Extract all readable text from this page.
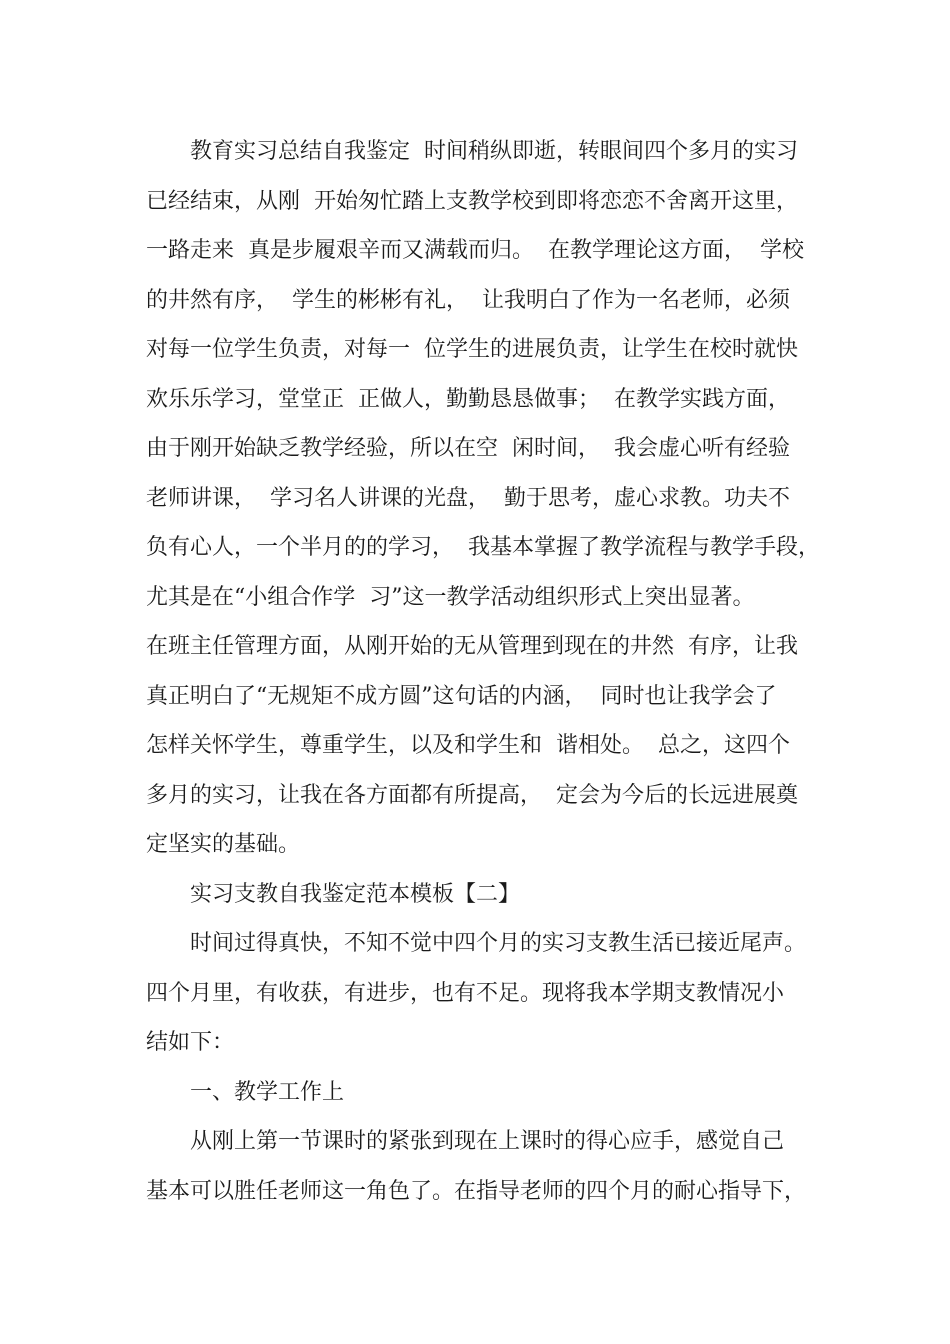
教育实习总结自我鉴定  时间稍纵即逝，转眼间四个多月的实习
已经结束，从刚  开始匆忙踏上支教学校到即将恋恋不舍离开这里，
一路走来  真是步履艰辛而又满载而归。  在教学理论这方面，  学校
的井然有序，  学生的彬彬有礼，  让我明白了作为一名老师，必须
对每一位学生负责，对每一  位学生的进展负责，让学生在校时就快
欢乐乐学习，堂堂正  正做人，勤勤恳恳做事；  在教学实践方面，
由于刚开始缺乏教学经验，所以在空  闲时间，  我会虚心听有经验
老师讲课，  学习名人讲课的光盘，  勤于思考，虚心求教。功夫不
负有心人，一个半月的的学习，  我基本掌握了教学流程与教学手段，
尤其是在“小组合作学  习”这一教学活动组织形式上突出显著。
在班主任管理方面，从刚开始的无从管理到现在的井然  有序，让我
真正明白了“无规矩不成方圆”这句话的内涵，  同时也让我学会了
怎样关怀学生，尊重学生，以及和学生和  谐相处。  总之，这四个
多月的实习，让我在各方面都有所提高，  定会为今后的长远进展奠
定坚实的基础。
实习支教自我鉴定范本模板【二】
时间过得真快，不知不觉中四个月的实习支教生活已接近尾声。
四个月里，有收获，有进步，也有不足。现将我本学期支教情况小
结如下：
一、教学工作上
从刚上第一节课时的紧张到现在上课时的得心应手，感觉自己
基本可以胜任老师这一角色了。在指导老师的四个月的耐心指导下，
